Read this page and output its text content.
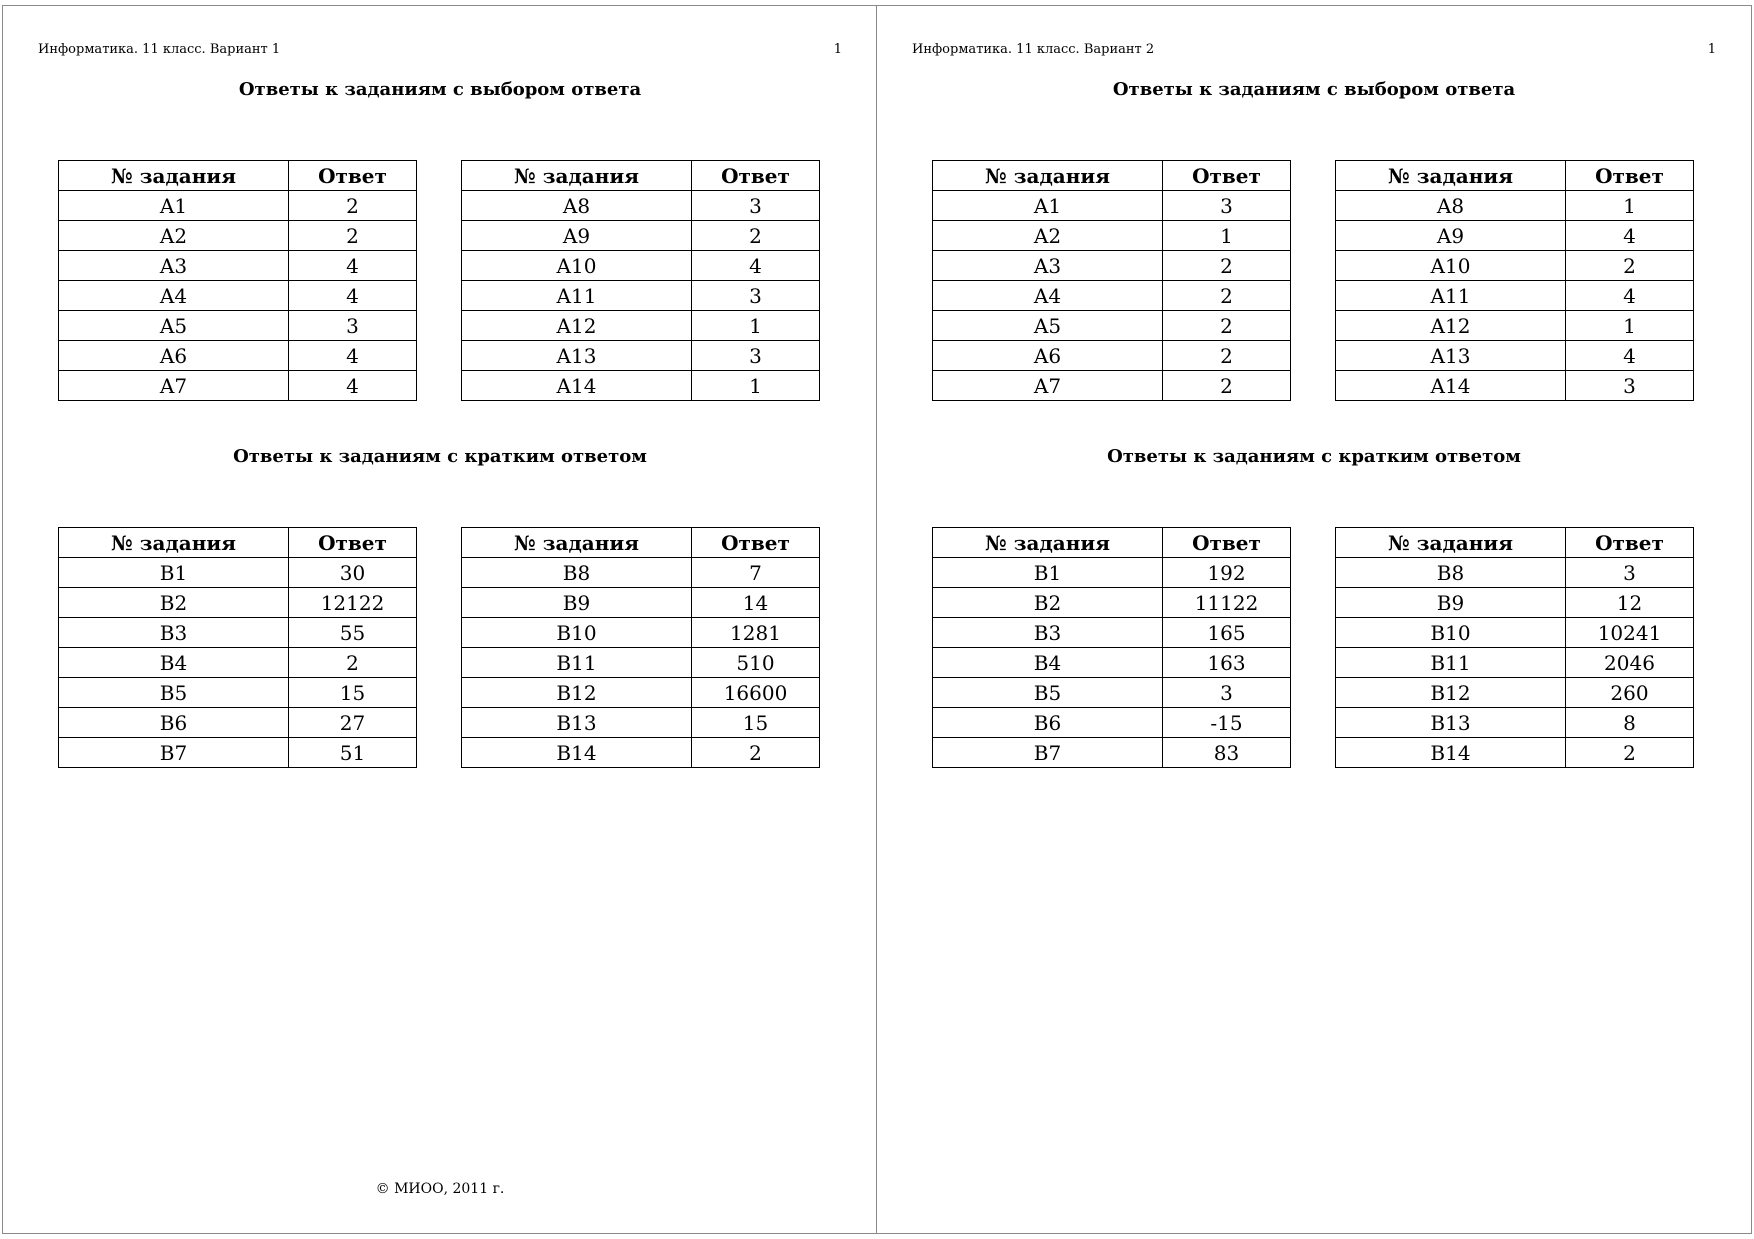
Информатика. 11 класс. Вариант 1	1
Ответы к заданиям с выбором ответа
№ задания	Ответ
A1	2
A2	2
A3	4
A4	4
A5	3
A6	4
A7	4
№ задания	Ответ
A8	3
A9	2
A10	4
A11	3
A12	1
A13	3
A14	1
Ответы к заданиям с кратким ответом
№ задания	Ответ
B1	30
B2	12122
B3	55
B4	2
B5	15
B6	27
B7	51
№ задания	Ответ
B8	7
B9	14
B10	1281
B11	510
B12	16600
B13	15
B14	2
© МИОО, 2011 г.
Информатика. 11 класс. Вариант 2	1
Ответы к заданиям с выбором ответа
№ задания	Ответ
A1	3
A2	1
A3	2
A4	2
A5	2
A6	2
A7	2
№ задания	Ответ
A8	1
A9	4
A10	2
A11	4
A12	1
A13	4
A14	3
Ответы к заданиям с кратким ответом
№ задания	Ответ
B1	192
B2	11122
B3	165
B4	163
B5	3
B6	-15
B7	83
№ задания	Ответ
B8	3
B9	12
B10	10241
B11	2046
B12	260
B13	8
B14	2
